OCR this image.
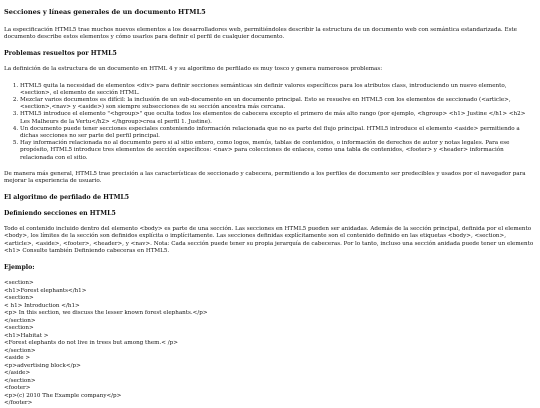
Secciones y líneas generales de un documento HTML5

La especificación HTML5 trae muchos nuevos elementos a los desarrolladores web, permitiéndoles describir la estructura de un documento web con semántica estandarizada. Este documento describe estos elementos y cómo usarlos para definir el perfil de cualquier documento.

Problemas resueltos por HTML5

La definición de la estructura de un documento en HTML 4 y su algoritmo de perfilado es muy tosco y genera numerosos problemas:

1. HTML5 quita la necesidad de elementos <div> para definir secciones semánticas sin definir valores específicos para los atributos class, introduciendo un nuevo elemento, <section>, el elemento de sección HTML.
2. Mezclar varios documentos es difícil: la inclusión de un sub-documento en un documento principal. Esto se resuelve en HTML5 con los elementos de seccionado (<article>,<section>,<nav> y <aside>) son siempre subsecciones de su sección ancestra más cercana.
3. HTML5 introduce el elemento "<hgroup>" que oculta todos los elementos de cabecera excepto el primero de más alto rango (por ejemplo, <hgroup> <h1> Justine </h1> <h2> Les Malheurs de la Vertu</h2> </hgroup>crea el perfil 1. Justine).
4. Un documento puede tener secciones especiales conteniendo información relacionada que no es parte del flujo principal. HTML5 introduce el elemento <aside> permitiendo a dichas secciones no ser parte del perfil principal.
5. Hay información relacionada no al documento pero si al sitio entero, como logos, menús, tablas de contenidos, o información de derechos de autor y notas legales. Para ese propósito, HTML5 introduce tres elementos de sección específicos: <nav> para colecciones de enlaces, como una tabla de contenidos, <footer> y <header> información relacionada con el sitio.

De manera más general, HTML5 trae precisión a las características de seccionado y cabecera, permitiendo a los perfiles de documento ser predecibles y usados por el navegador para mejorar la experiencia de usuario.

El algoritmo de perfilado de HTML5
Definiendo secciones en HTML5

Todo el contenido incluido dentro del elemento <body> es parte de una sección. Las secciones en HTML5 pueden ser anidadas. Además de la sección principal, definida por el elemento <body>, los límites de la sección son definidos explícita o implícitamente. Las secciones definidas explícitamente son el contenido definido en las etiquetas <body>, <section>, <article>, <aside>, <footer>, <header>, y <nav>. Nota: Cada sección puede tener su propia jerarquía de cabeceras. Por lo tanto, incluso una sección anidada puede tener un elemento <h1> Consulte también Definiendo cabeceras en HTML5.

Ejemplo:
<section>
<h1>Forest elephants</h1>
<section>
< h1> Introduction </h1>
<p> In this section, we discuss the lesser known forest elephants.</p>
</section>
<section>
<h1>Habitat >
<Forest elephants do not live in trees but among them.< /p>
</section>
<aside >
<p>advertising block</p>
</aside>
</section>
<footer>
<p>(c) 2010 The Example company</p>
</footer>
